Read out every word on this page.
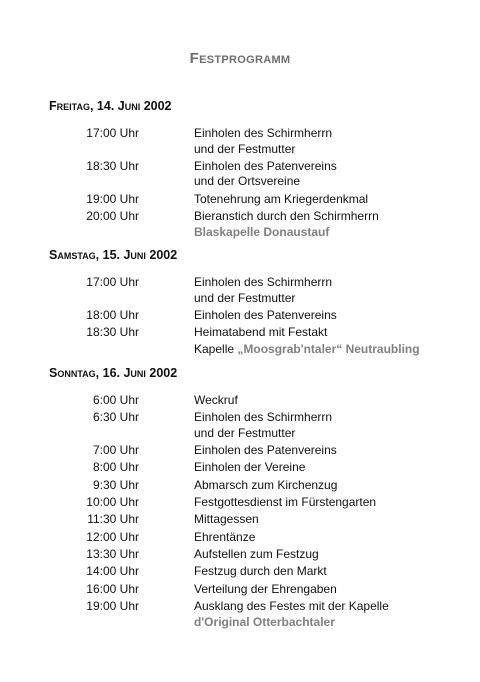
Festprogramm
Freitag, 14. Juni 2002
17:00 Uhr	Einholen des Schirmherrn
und der Festmutter
18:30 Uhr	Einholen des Patenvereins
und der Ortsvereine
19:00 Uhr	Totenehrung am Kriegerdenkmal
20:00 Uhr	Bieranstich durch den Schirmherrn
Blaskapelle Donaustauf
Samstag, 15. Juni 2002
17:00 Uhr	Einholen des Schirmherrn
und der Festmutter
18:00 Uhr	Einholen des Patenvereins
18:30 Uhr	Heimatabend mit Festakt
Kapelle „Moosgrab'ntaler“ Neutraubling
Sonntag, 16. Juni 2002
6:00 Uhr	Weckruf
6:30 Uhr	Einholen des Schirmherrn
und der Festmutter
7:00 Uhr	Einholen des Patenvereins
8:00 Uhr	Einholen der Vereine
9:30 Uhr	Abmarsch zum Kirchenzug
10:00 Uhr	Festgottesdienst im Fürstengarten
11:30 Uhr	Mittagessen
12:00 Uhr	Ehrentänze
13:30 Uhr	Aufstellen zum Festzug
14:00 Uhr	Festzug durch den Markt
16:00 Uhr	Verteilung der Ehrengaben
19:00 Uhr	Ausklang des Festes mit der Kapelle
d'Original Otterbachtaler
